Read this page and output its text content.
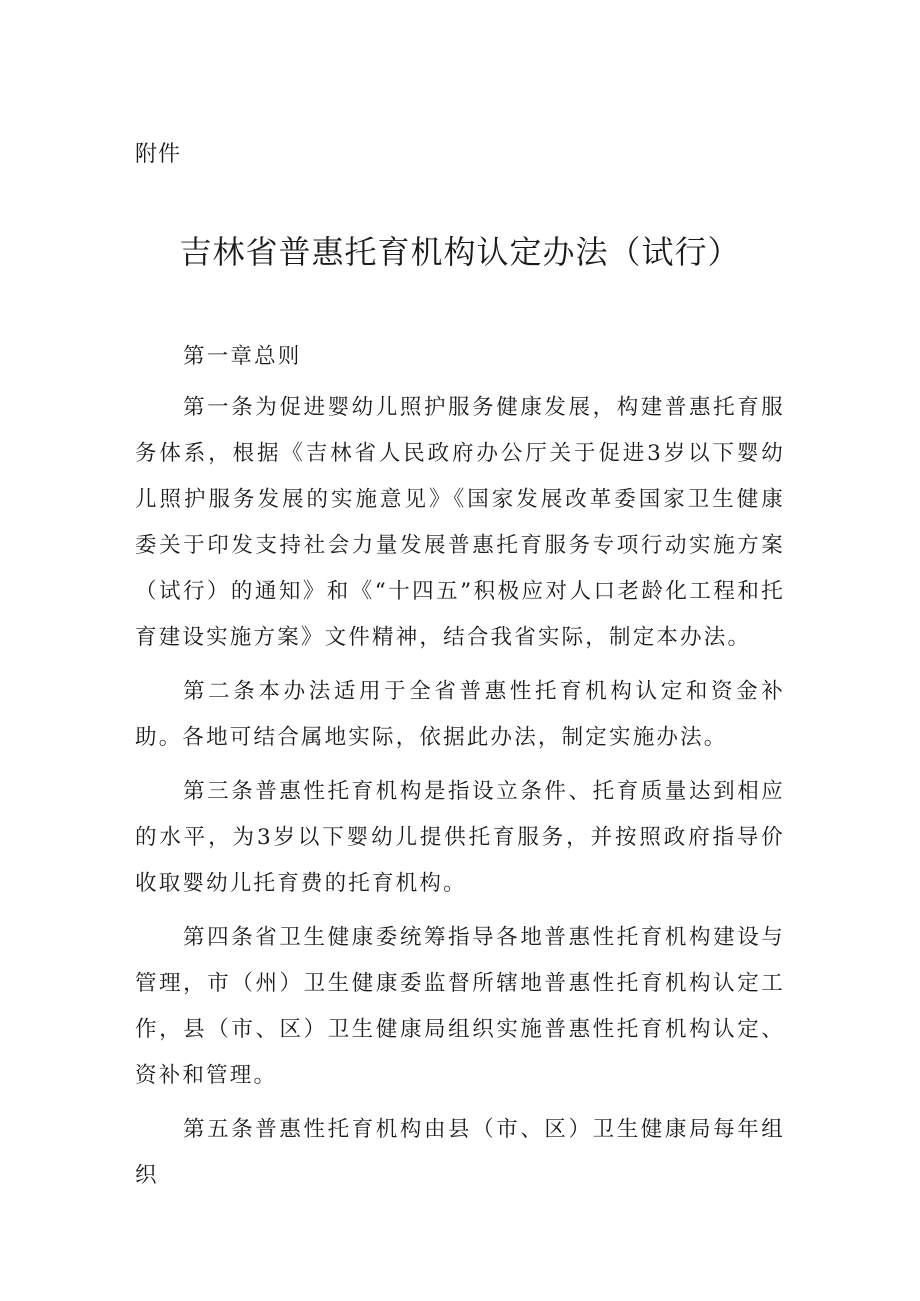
附件
吉林省普惠托育机构认定办法（试行）

第一章总则

第一条为促进婴幼儿照护服务健康发展，构建普惠托育服务体系，根据《吉林省人民政府办公厅关于促进3岁以下婴幼儿照护服务发展的实施意见》《国家发展改革委国家卫生健康委关于印发支持社会力量发展普惠托育服务专项行动实施方案（试行）的通知》和《“十四五”积极应对人口老龄化工程和托育建设实施方案》文件精神，结合我省实际，制定本办法。

第二条本办法适用于全省普惠性托育机构认定和资金补助。各地可结合属地实际，依据此办法，制定实施办法。

第三条普惠性托育机构是指设立条件、托育质量达到相应的水平，为3岁以下婴幼儿提供托育服务，并按照政府指导价收取婴幼儿托育费的托育机构。

第四条省卫生健康委统筹指导各地普惠性托育机构建设与管理，市（州）卫生健康委监督所辖地普惠性托育机构认定工作，县（市、区）卫生健康局组织实施普惠性托育机构认定、资补和管理。

第五条普惠性托育机构由县（市、区）卫生健康局每年组织
